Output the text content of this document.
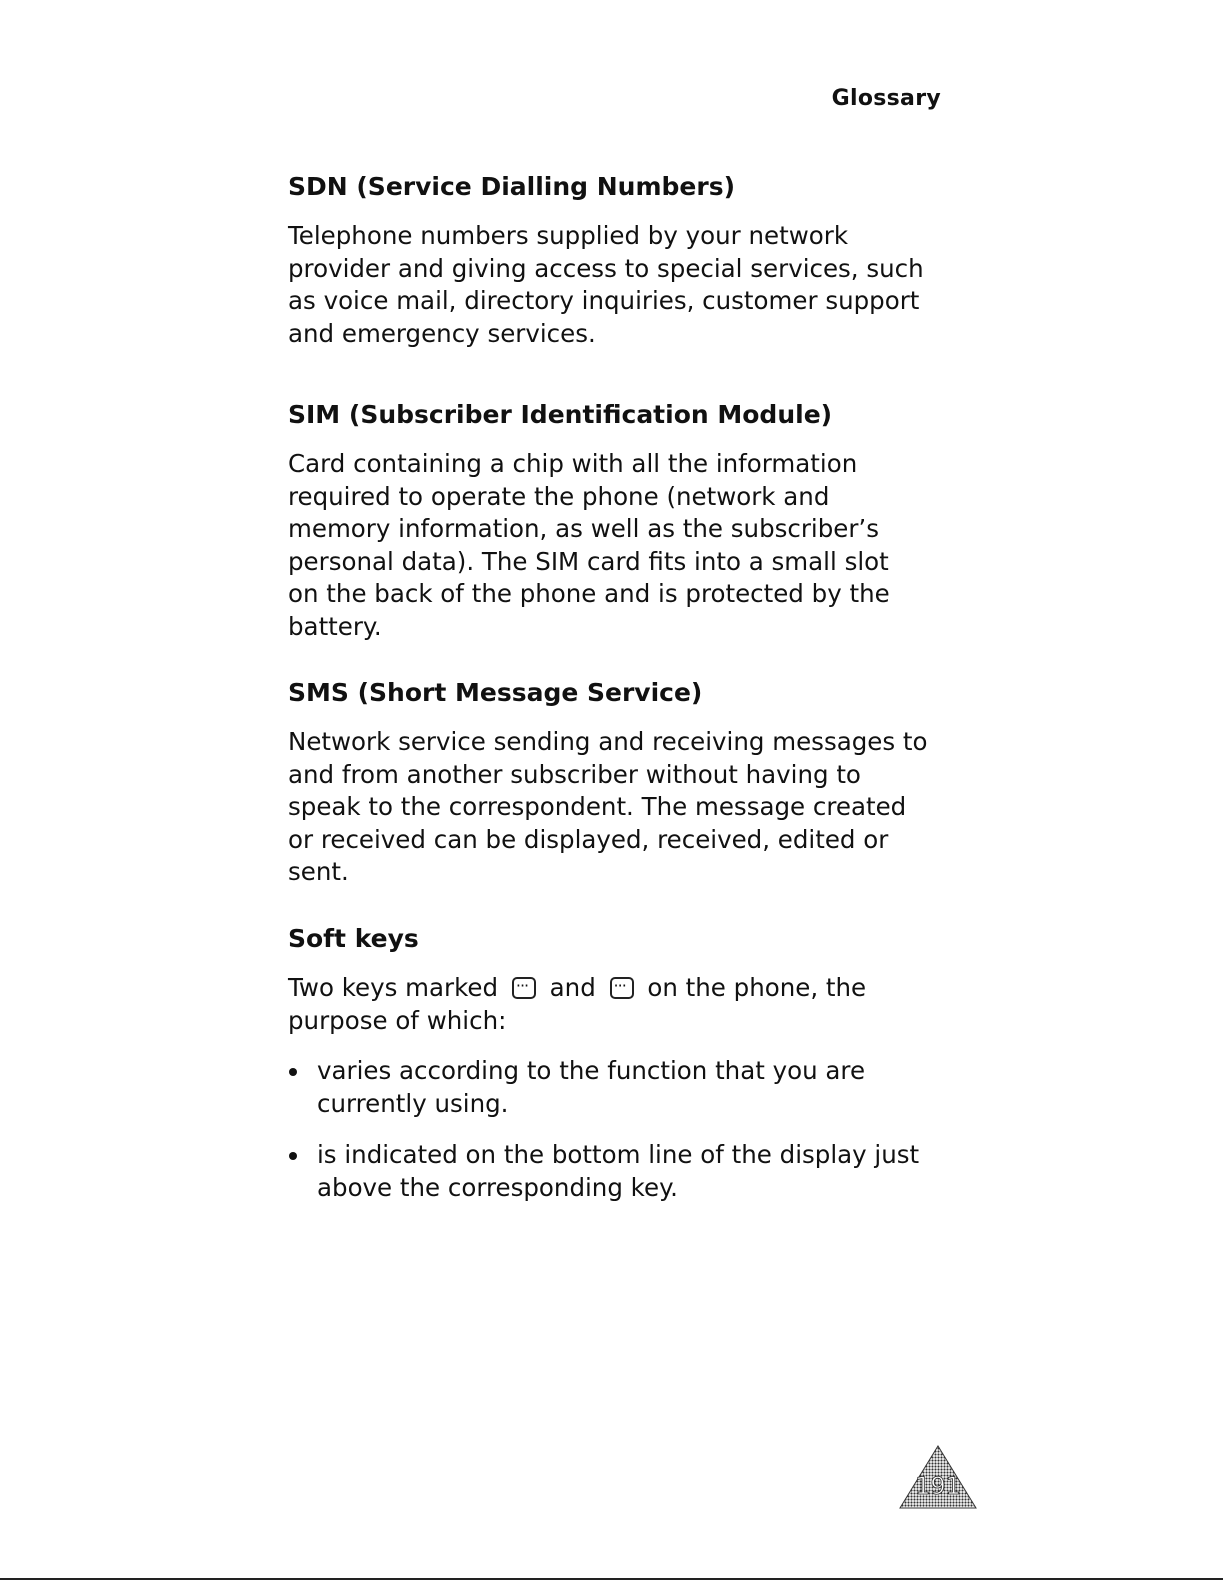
Glossary
SDN (Service Dialling Numbers)

Telephone numbers supplied by your network
provider and giving access to special services, such
as voice mail, directory inquiries, customer support
and emergency services.

SIM (Subscriber Identification Module)

Card containing a chip with all the information
required to operate the phone (network and
memory information, as well as the subscriber’s
personal data). The SIM card fits into a small slot
on the back of the phone and is protected by the
battery.

SMS (Short Message Service)

Network service sending and receiving messages to
and from another subscriber without having to
speak to the correspondent. The message created
or received can be displayed, received, edited or
sent.

Soft keys

Two keys marked ··· and ··· on the phone, the
purpose of which:

varies according to the function that you are currently using.
is indicated on the bottom line of the display just above the corresponding key.
191
